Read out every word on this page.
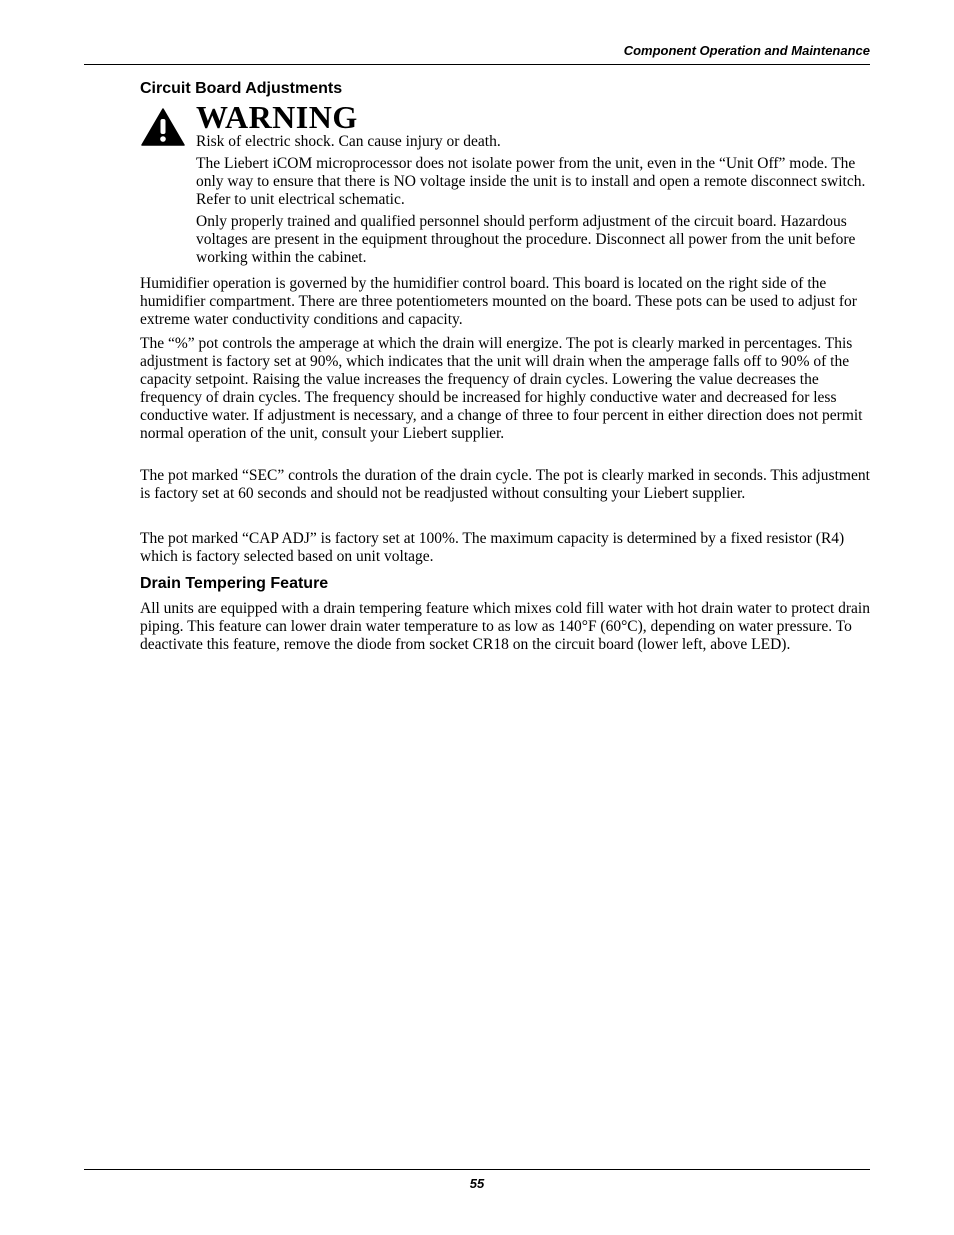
Component Operation and Maintenance
Circuit Board Adjustments
WARNING

Risk of electric shock. Can cause injury or death.

The Liebert iCOM microprocessor does not isolate power from the unit, even in the “Unit Off” mode. The only way to ensure that there is NO voltage inside the unit is to install and open a remote disconnect switch. Refer to unit electrical schematic.

Only properly trained and qualified personnel should perform adjustment of the circuit board. Hazardous voltages are present in the equipment throughout the procedure. Disconnect all power from the unit before working within the cabinet.

Humidifier operation is governed by the humidifier control board. This board is located on the right side of the humidifier compartment. There are three potentiometers mounted on the board. These pots can be used to adjust for extreme water conductivity conditions and capacity.

The “%” pot controls the amperage at which the drain will energize. The pot is clearly marked in percentages. This adjustment is factory set at 90%, which indicates that the unit will drain when the amperage falls off to 90% of the capacity setpoint. Raising the value increases the frequency of drain cycles. Lowering the value decreases the frequency of drain cycles. The frequency should be increased for highly conductive water and decreased for less conductive water. If adjustment is necessary, and a change of three to four percent in either direction does not permit normal operation of the unit, consult your Liebert supplier.

The pot marked “SEC” controls the duration of the drain cycle. The pot is clearly marked in seconds. This adjustment is factory set at 60 seconds and should not be readjusted without consulting your Liebert supplier.

The pot marked “CAP ADJ” is factory set at 100%. The maximum capacity is determined by a fixed resistor (R4) which is factory selected based on unit voltage.

Drain Tempering Feature

All units are equipped with a drain tempering feature which mixes cold fill water with hot drain water to protect drain piping. This feature can lower drain water temperature to as low as 140°F (60°C), depending on water pressure. To deactivate this feature, remove the diode from socket CR18 on the circuit board (lower left, above LED).

55
